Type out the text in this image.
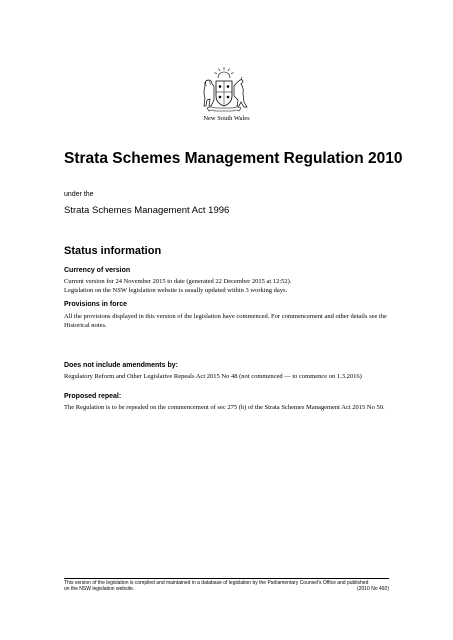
New South Wales
Strata Schemes Management Regulation 2010
under the
Strata Schemes Management Act 1996
Status information
Currency of version

Current version for 24 November 2015 to date (generated 22 December 2015 at 12:52).

Legislation on the NSW legislation website is usually updated within 3 working days.

Provisions in force

All the provisions displayed in this version of the legislation have commenced. For commencement and other details see the Historical notes.

Does not include amendments by:

Regulatory Reform and Other Legislative Repeals Act 2015 No 48 (not commenced — to commence on 1.3.2016)

Proposed repeal:

The Regulation is to be repealed on the commencement of sec 275 (b) of the Strata Schemes Management Act 2015 No 50.

This version of the legislation is compiled and maintained in a database of legislation by the Parliamentary Counsel's Office and published
on the NSW legislation website.	(2010 No 492)
